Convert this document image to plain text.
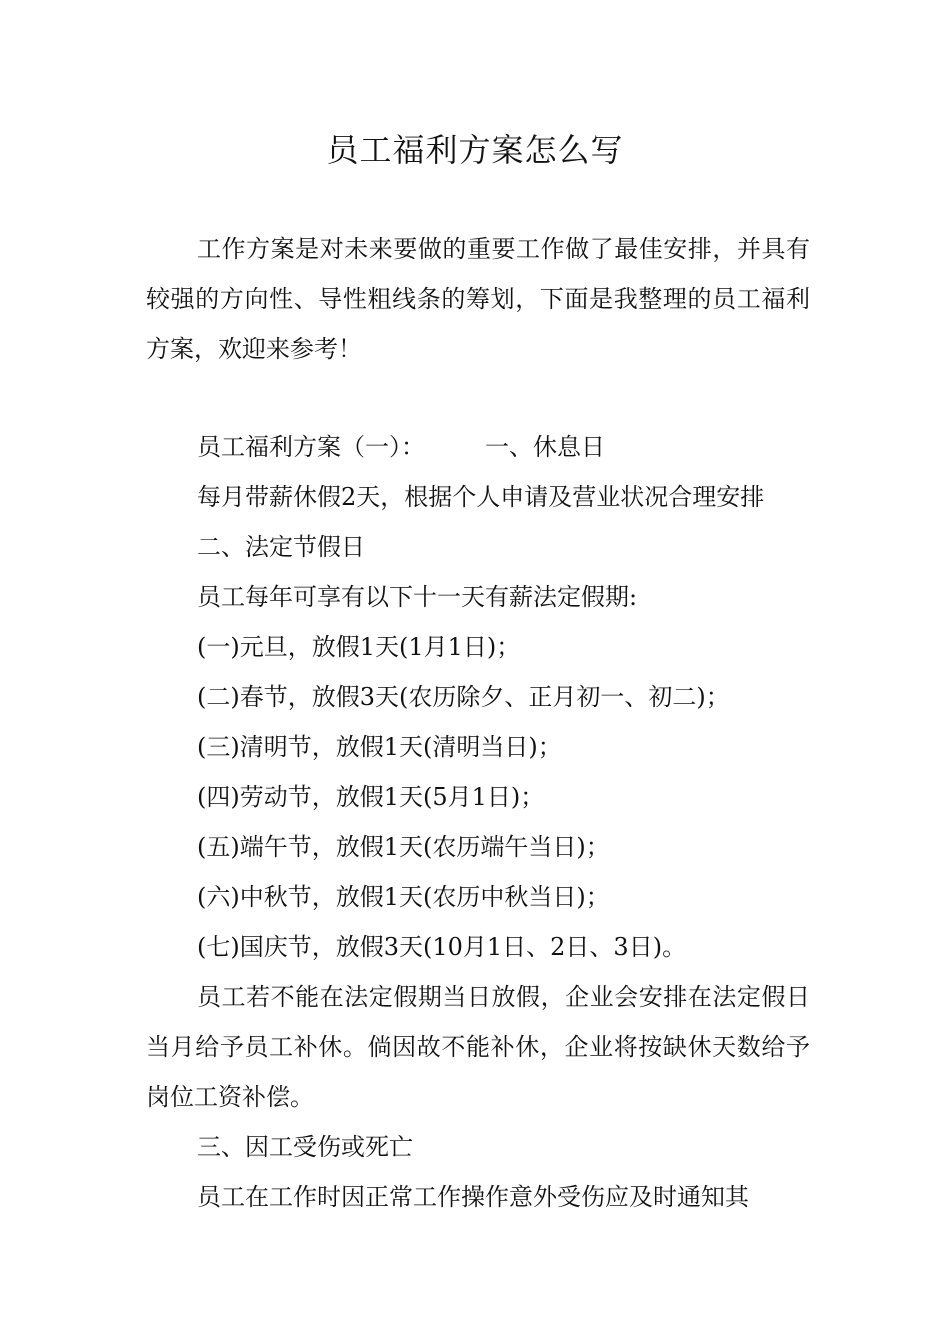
员工福利方案怎么写

工作方案是对未来要做的重要工作做了最佳安排，并具有较强的方向性、导性粗线条的筹划，下面是我整理的员工福利方案，欢迎来参考！

员工福利方案（一）：	一、休息日

每月带薪休假2天，根据个人申请及营业状况合理安排

二、法定节假日

员工每年可享有以下十一天有薪法定假期:

(一)元旦，放假1天(1月1日)；

(二)春节，放假3天(农历除夕、正月初一、初二)；

(三)清明节，放假1天(清明当日)；

(四)劳动节，放假1天(5月1日)；

(五)端午节，放假1天(农历端午当日)；

(六)中秋节，放假1天(农历中秋当日)；

(七)国庆节，放假3天(10月1日、2日、3日)。

员工若不能在法定假期当日放假，企业会安排在法定假日当月给予员工补休。倘因故不能补休，企业将按缺休天数给予岗位工资补偿。

三、因工受伤或死亡

员工在工作时因正常工作操作意外受伤应及时通知其
